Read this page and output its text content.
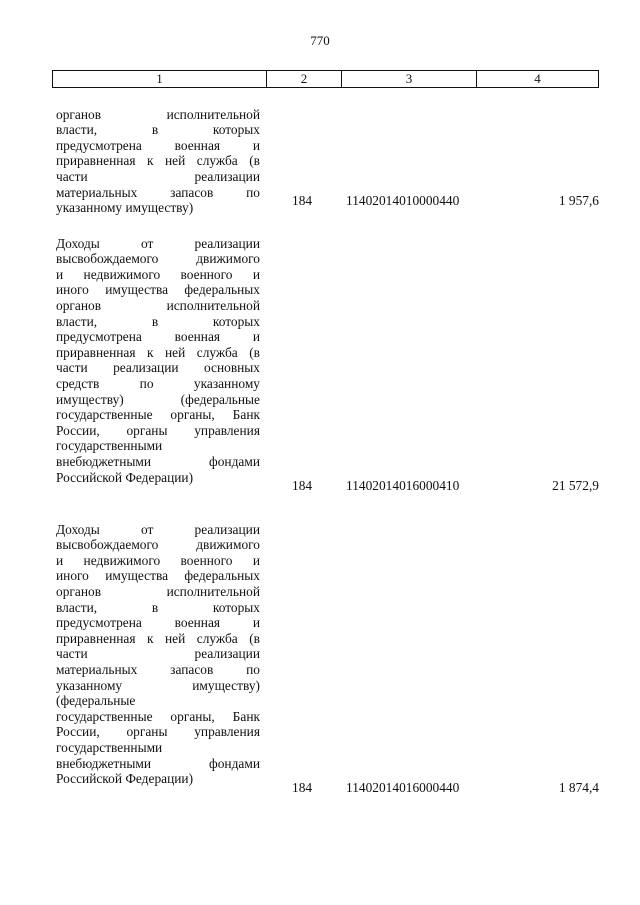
770
1	2	3	4

органов исполнительной
власти, в которых
предусмотрена военная и
приравненная к ней служба (в
части реализации
материальных запасов по

указанному имуществу)	184	11402014010000440	1 957,6

Доходы от реализации
высвобождаемого движимого
и недвижимого военного и
иного имущества федеральных
органов исполнительной
власти, в которых
предусмотрена военная и
приравненная к ней служба (в
части реализации основных
средств по указанному
имуществу) (федеральные
государственные органы, Банк
России, органы управления
государственными
внебюджетными фондами

Российской Федерации)

184	11402014016000410	21 572,9

Доходы от реализации
высвобождаемого движимого
и недвижимого военного и
иного имущества федеральных
органов исполнительной
власти, в которых
предусмотрена военная и
приравненная к ней служба (в
части реализации
материальных запасов по
указанному имуществу)
(федеральные
государственные органы, Банк
России, органы управления
государственными
внебюджетными фондами

Российской Федерации)

184	11402014016000440	1 874,4
